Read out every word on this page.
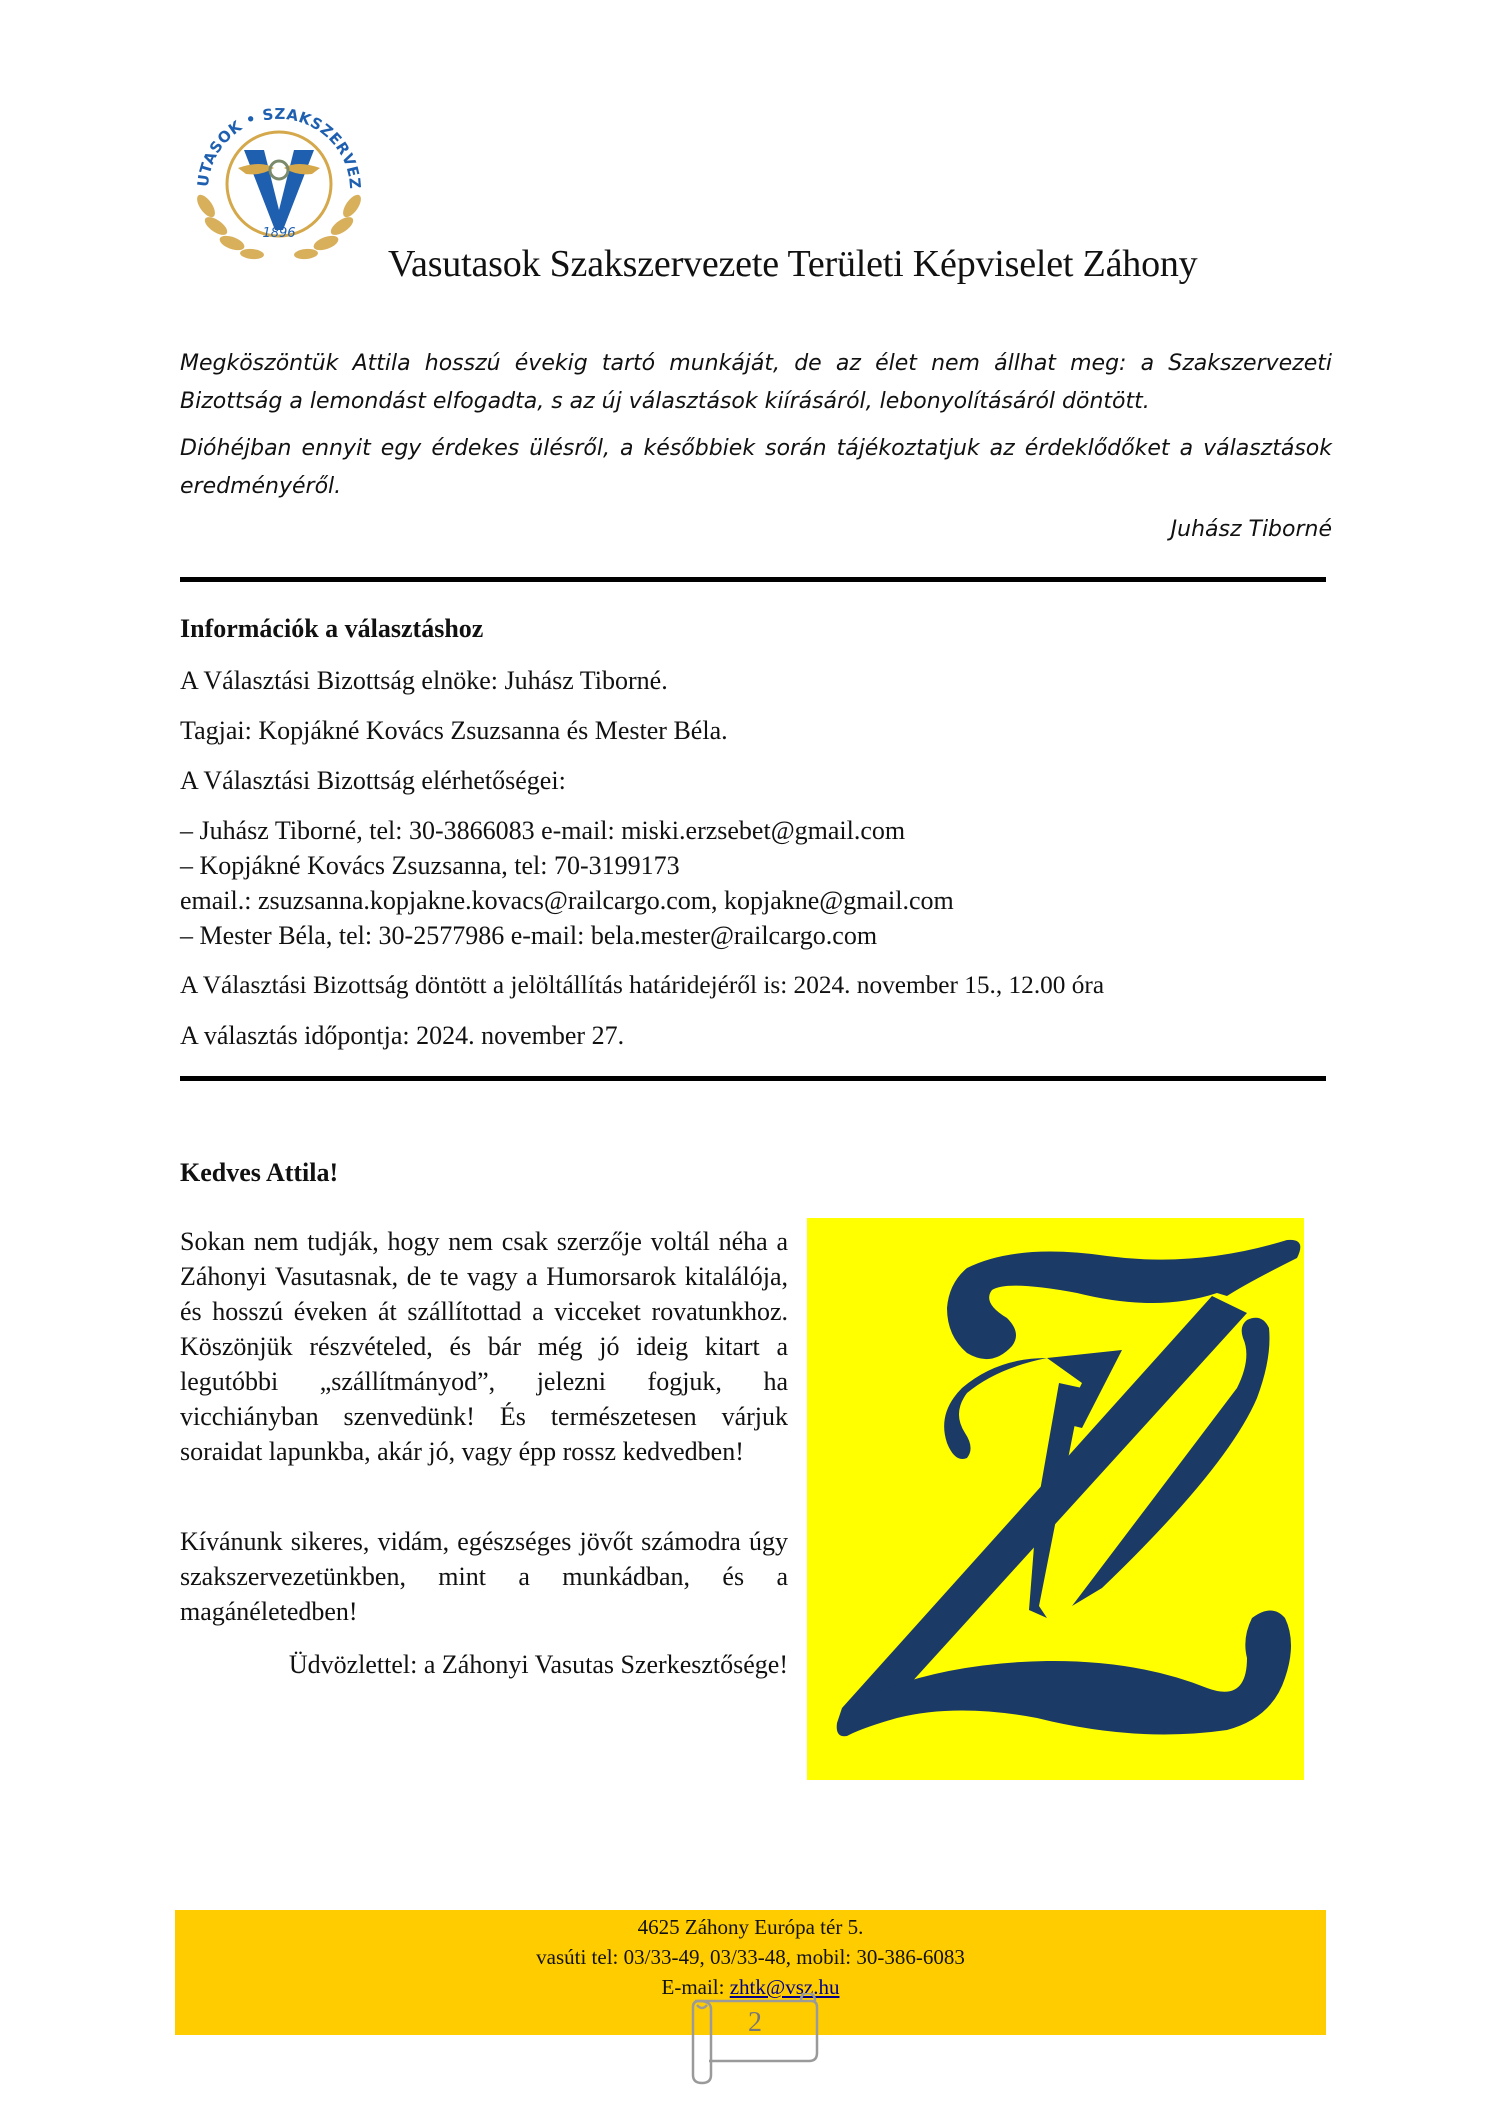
UTASOK • SZAKSZERVEZ
1896
Vasutasok Szakszervezete Területi Képviselet Záhony

Megköszöntük Attila hosszú évekig tartó munkáját, de az élet nem állhat meg: a Szakszervezeti Bizottság a lemondást elfogadta, s az új választások kiírásáról, lebonyolításáról döntött.

Dióhéjban ennyit egy érdekes ülésről, a későbbiek során tájékoztatjuk az érdeklődőket a választások eredményéről.

Juhász Tiborné
Információk a választáshoz
A Választási Bizottság elnöke: Juhász Tiborné.
Tagjai: Kopjákné Kovács Zsuzsanna és Mester Béla.
A Választási Bizottság elérhetőségei:
– Juhász Tiborné, tel: 30-3866083 e-mail: miski.erzsebet@gmail.com
– Kopjákné Kovács Zsuzsanna, tel: 70-3199173
email.: zsuzsanna.kopjakne.kovacs@railcargo.com, kopjakne@gmail.com
– Mester Béla, tel: 30-2577986 e-mail: bela.mester@railcargo.com
A Választási Bizottság döntött a jelöltállítás határidejéről is: 2024. november 15., 12.00 óra
A választás időpontja: 2024. november 27.
Kedves Attila!

Sokan nem tudják, hogy nem csak szerzője voltál néha a Záhonyi Vasutasnak, de te vagy a Humorsarok kitalálója, és hosszú éveken át szállítottad a vicceket rovatunkhoz. Köszönjük részvételed, és bár még jó ideig kitart a legutóbbi „szállítmányod”, jelezni fogjuk, ha vicchiányban szenvedünk! És természetesen várjuk soraidat lapunkba, akár jó, vagy épp rossz kedvedben!

Kívánunk sikeres, vidám, egészséges jövőt számodra úgy szakszervezetünkben, mint a munkádban, és a magánéletedben!

Üdvözlettel: a Záhonyi Vasutas Szerkesztősége!
4625 Záhony Európa tér 5.
vasúti tel: 03/33-49, 03/33-48, mobil: 30-386-6083
E-mail: zhtk@vsz.hu
2
